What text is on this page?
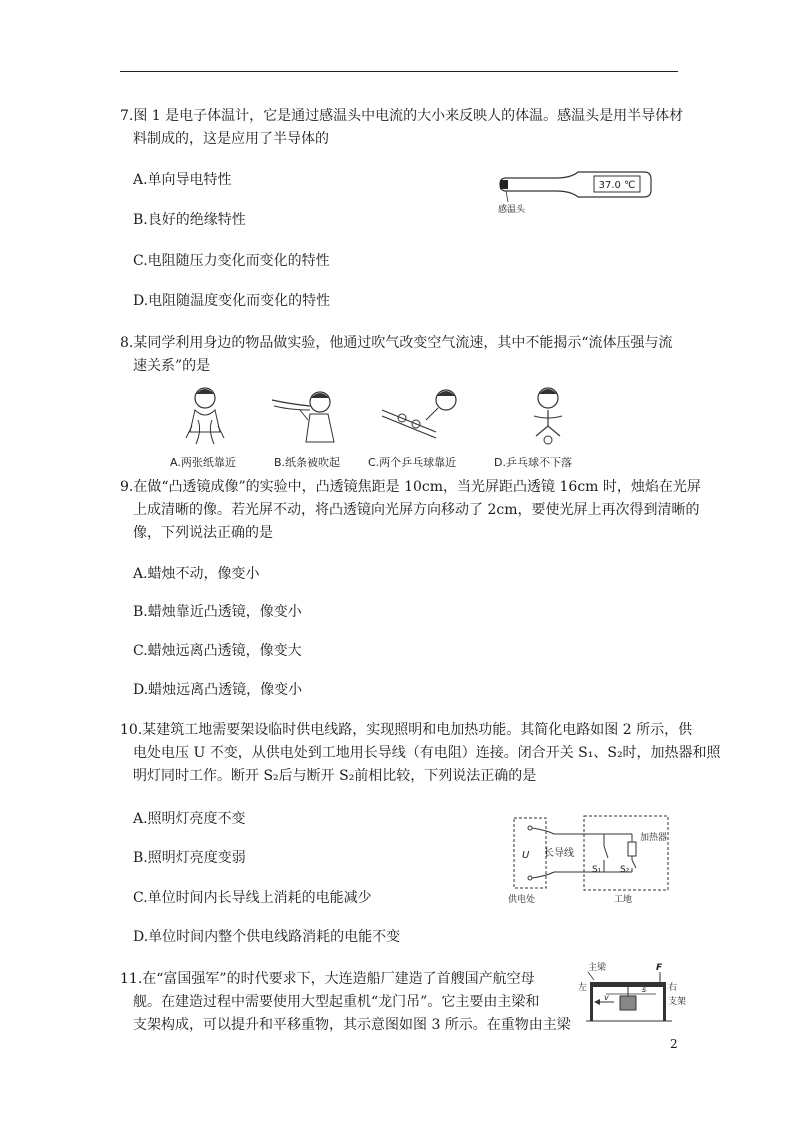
7.图 1 是电子体温计，它是通过感温头中电流的大小来反映人的体温。感温头是用半导体材
料制成的，这是应用了半导体的
A.单向导电特性
B.良好的绝缘特性
C.电阻随压力变化而变化的特性
D.电阻随温度变化而变化的特性
37.0 ℃
感温头
8.某同学利用身边的物品做实验，他通过吹气改变空气流速，其中不能揭示“流体压强与流
速关系”的是
A.两张纸靠近	B.纸条被吹起	C.两个乒乓球靠近	D.乒乓球不下落
9.在做“凸透镜成像”的实验中，凸透镜焦距是 10cm，当光屏距凸透镜 16cm 时，烛焰在光屏
上成清晰的像。若光屏不动，将凸透镜向光屏方向移动了 2cm，要使光屏上再次得到清晰的
像，下列说法正确的是
A.蜡烛不动，像变小
B.蜡烛靠近凸透镜，像变小
C.蜡烛远离凸透镜，像变大
D.蜡烛远离凸透镜，像变小
10.某建筑工地需要架设临时供电线路，实现照明和电加热功能。其简化电路如图 2 所示，供
电处电压 U 不变，从供电处到工地用长导线（有电阻）连接。闭合开关 S₁、S₂时，加热器和照
明灯同时工作。断开 S₂后与断开 S₂前相比较，下列说法正确的是
A.照明灯亮度不变
B.照明灯亮度变弱
C.单位时间内长导线上消耗的电能减少
D.单位时间内整个供电线路消耗的电能不变
U 长导线
S₁ S₂
加热器
供电处	工地
11.在“富国强军”的时代要求下，大连造船厂建造了首艘国产航空母
舰。在建造过程中需要使用大型起重机“龙门吊”。它主要由主梁和
支架构成，可以提升和平移重物，其示意图如图 3 所示。在重物由主梁
主梁	F
左	右
支架
s
v
2
